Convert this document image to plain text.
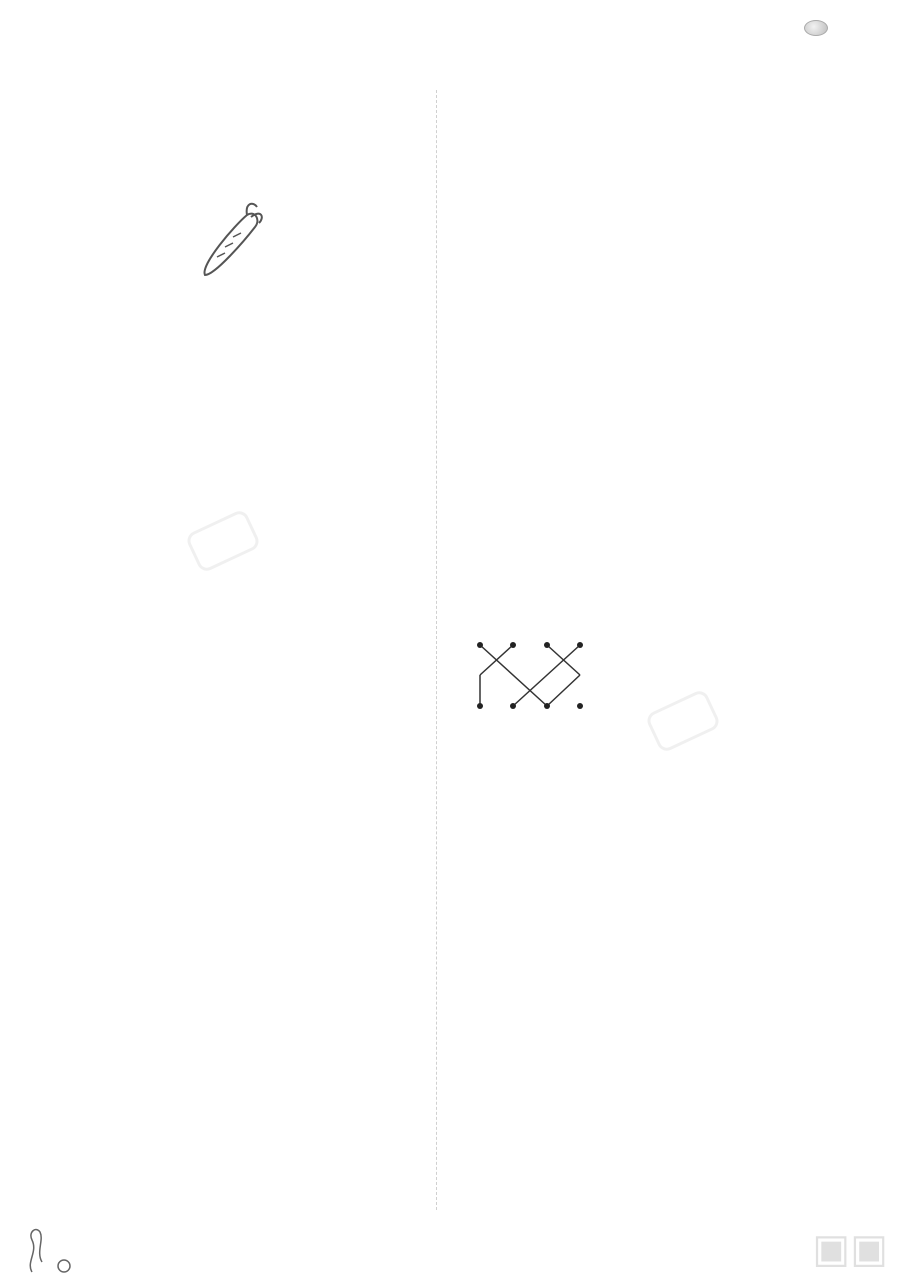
▣▣
